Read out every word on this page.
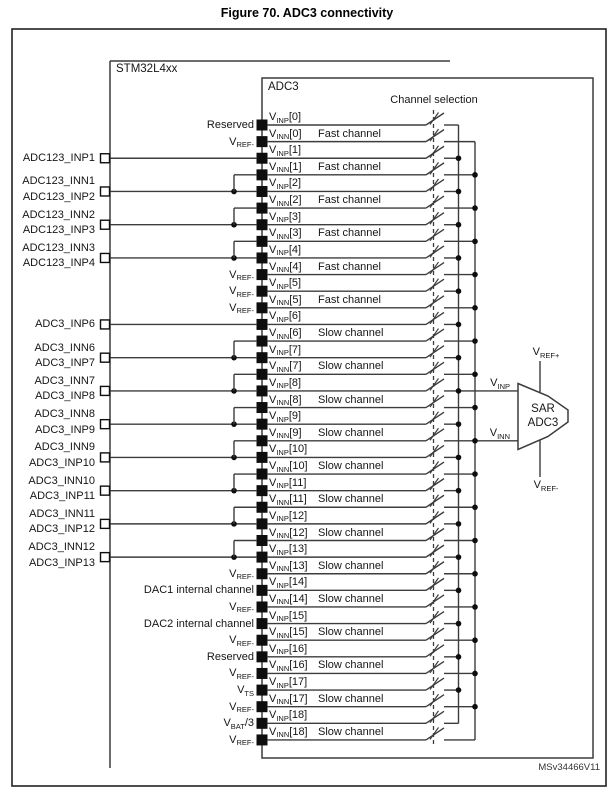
Figure 70. ADC3 connectivity
$V_{INP}[0]$
Reserved
$V_{INN}[0]$ Fast channel
$V_{REF-}$ $V_{INP}[1]$
ADC123_INP1
$V_{INN}[1]$ Fast channel
$V_{INP}[2]$
ADC123_INN1
ADC123_INP2	$V_{INN}[2]$ Fast channel
$V_{INP}[3]$
ADC123_INN2
ADC123_INP3	$V_{INN}[3]$ Fast channel
$V_{INP}[4]$
ADC123_INN3
ADC123_INP4	$V_{INN}[4]$ Fast channel
$V_{REF-}$ $V_{INP}[5]$
$V_{REF-}$ $V_{INN}[5]$ Fast channel
$V_{REF-}$ $V_{INP}[6]$
ADC3_INP6
$V_{INN}[6]$ Slow channel
$V_{INP}[7]$
ADC3_INN6
ADC3_INP7	$V_{INN}[7]$ Slow channel
$V_{INP}[8]$
ADC3_INN7
ADC3_INP8	$V_{INN}[8]$ Slow channel
$V_{INP}[9]$
ADC3_INN8
ADC3_INP9	$V_{INN}[9]$ Slow channel
$V_{INP}[10]$
ADC3_INN9
ADC3_INP10	$V_{INN}[10]$ Slow channel
$V_{INP}[11]$
ADC3_INN10
ADC3_INP11	$V_{INN}[11]$ Slow channel
$V_{INP}[12]$
ADC3_INN11
ADC3_INP12	$V_{INN}[12]$ Slow channel
$V_{INP}[13]$
ADC3_INN12
ADC3_INP13	$V_{INN}[13]$ Slow channel
$V_{REF-}$ $V_{INP}[14]$
DAC1 internal channel
$V_{INN}[14]$ Slow channel
$V_{REF-}$ $V_{INP}[15]$
DAC2 internal channel
$V_{INN}[15]$ Slow channel
$V_{REF-}$ $V_{INP}[16]$
Reserved
$V_{INN}[16]$ Slow channel
$V_{REF-}$ $V_{INP}[17]$
$V_{TS}$ $V_{INN}[17]$ Slow channel
$V_{REF-}$ $V_{INP}[18]$
$V_{BAT}/3$
$V_{INN}[18]$ Slow channel
$V_{REF-}$
$V_{INP}$
$V_{INN}$
$V_{REF+}$
$V_{REF-}$
STM32L4xx
ADC3
Channel selection
SAR
ADC3
MSv34466V11
